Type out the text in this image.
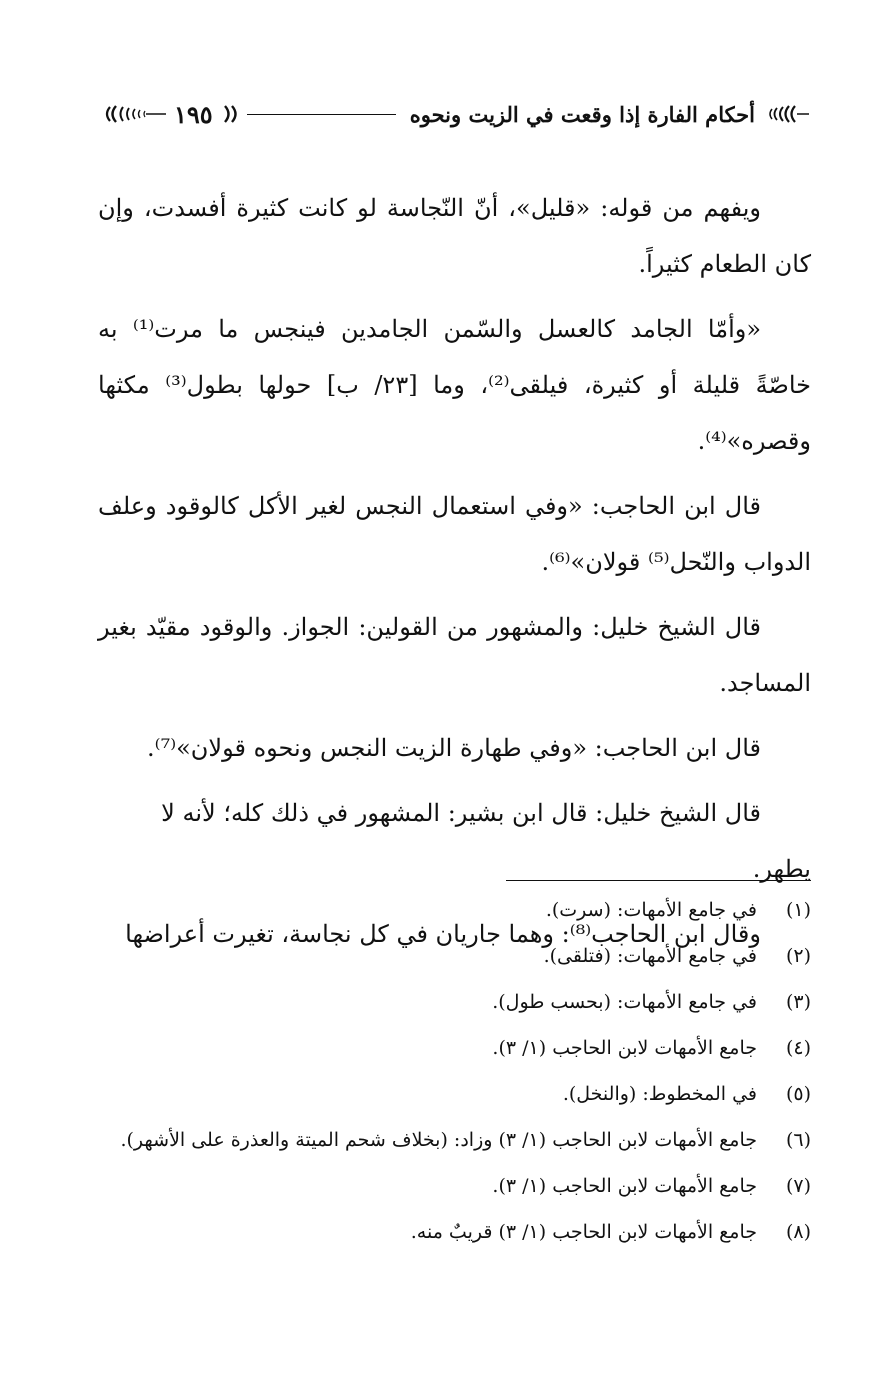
أحكام الفارة إذا وقعت في الزيت ونحوه
١٩٥

ويفهم من قوله: «قليل»، أنّ النّجاسة لو كانت كثيرة أفسدت، وإن كان الطعام كثيراً.

«وأمّا الجامد كالعسل والسّمن الجامدين فينجس ما مرت⁽¹⁾ به خاصّةً قليلة أو كثيرة، فيلقى⁽²⁾، وما [٢٣/ ب] حولها بطول⁽³⁾ مكثها وقصره»⁽⁴⁾.

قال ابن الحاجب: «وفي استعمال النجس لغير الأكل كالوقود وعلف الدواب والنّحل⁽⁵⁾ قولان»⁽⁶⁾.

قال الشيخ خليل: والمشهور من القولين: الجواز. والوقود مقيّد بغير المساجد.

قال ابن الحاجب: «وفي طهارة الزيت النجس ونحوه قولان»⁽⁷⁾.

قال الشيخ خليل: قال ابن بشير: المشهور في ذلك كله؛ لأنه لا يطهر.

وقال ابن الحاجب⁽⁸⁾: وهما جاريان في كل نجاسة، تغيرت أعراضها

(١)
في جامع الأمهات: (سرت).
(٢)
في جامع الأمهات: (فتلقى).
(٣)
في جامع الأمهات: (بحسب طول).
(٤)
جامع الأمهات لابن الحاجب (١/ ٣).
(٥)
في المخطوط: (والنخل).
(٦)
جامع الأمهات لابن الحاجب (١/ ٣) وزاد: (بخلاف شحم الميتة والعذرة على الأشهر).
(٧)
جامع الأمهات لابن الحاجب (١/ ٣).
(٨)
جامع الأمهات لابن الحاجب (١/ ٣) قريبٌ منه.
